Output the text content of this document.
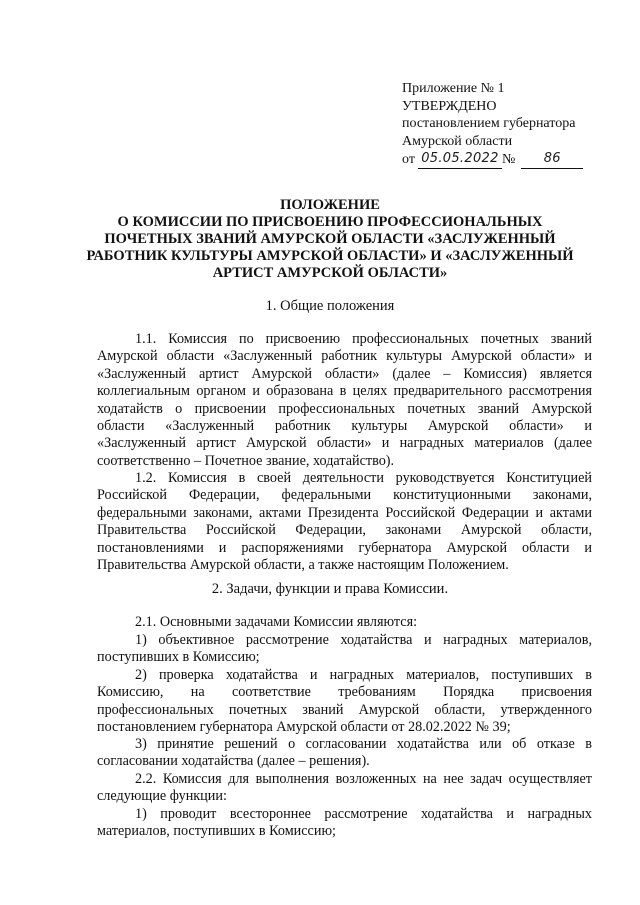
Приложение № 1
УТВЕРЖДЕНО
постановлением губернатора
Амурской области
от 05.05.2022 №	86
ПОЛОЖЕНИЕ
О КОМИССИИ ПО ПРИСВОЕНИЮ ПРОФЕССИОНАЛЬНЫХ
ПОЧЕТНЫХ ЗВАНИЙ АМУРСКОЙ ОБЛАСТИ «ЗАСЛУЖЕННЫЙ
РАБОТНИК КУЛЬТУРЫ АМУРСКОЙ ОБЛАСТИ» И «ЗАСЛУЖЕННЫЙ
АРТИСТ АМУРСКОЙ ОБЛАСТИ»
1. Общие положения
1.1. Комиссия по присвоению профессиональных почетных званий
Амурской области «Заслуженный работник культуры Амурской области» и
«Заслуженный артист Амурской области» (далее – Комиссия) является
коллегиальным органом и образована в целях предварительного рассмотрения
ходатайств о присвоении профессиональных почетных званий Амурской
области «Заслуженный работник культуры Амурской области» и
«Заслуженный артист Амурской области» и наградных материалов (далее
соответственно – Почетное звание, ходатайство).
1.2. Комиссия в своей деятельности руководствуется Конституцией
Российской Федерации, федеральными конституционными законами,
федеральными законами, актами Президента Российской Федерации и актами
Правительства Российской Федерации, законами Амурской области,
постановлениями и распоряжениями губернатора Амурской области и
Правительства Амурской области, а также настоящим Положением.
2. Задачи, функции и права Комиссии.
2.1. Основными задачами Комиссии являются:
1) объективное рассмотрение ходатайства и наградных материалов,
поступивших в Комиссию;
2) проверка ходатайства и наградных материалов, поступивших в
Комиссию, на соответствие требованиям Порядка присвоения
профессиональных почетных званий Амурской области, утвержденного
постановлением губернатора Амурской области от 28.02.2022 № 39;
3) принятие решений о согласовании ходатайства или об отказе в
согласовании ходатайства (далее – решения).
2.2. Комиссия для выполнения возложенных на нее задач осуществляет
следующие функции:
1) проводит всестороннее рассмотрение ходатайства и наградных
материалов, поступивших в Комиссию;
